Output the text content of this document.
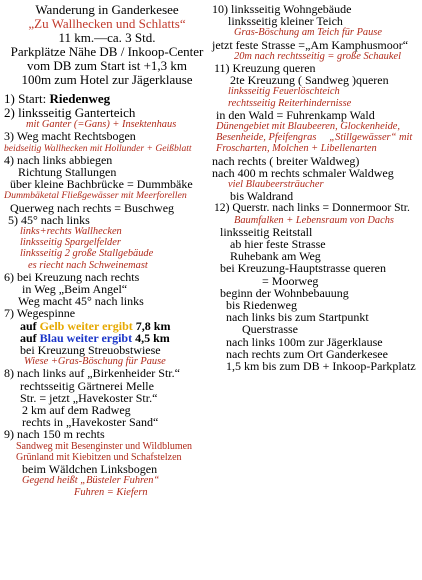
Wanderung in Ganderkesee
„Zu Wallhecken und Schlatts“
11 km.—ca. 3 Std.
Parkplätze Nähe DB / Inkoop-Center
vom DB zum Start ist +1,3 km
100m zum Hotel zur Jägerklause
1) Start: Riedenweg
2) linksseitig Ganterteich
mit Ganter (=Gans) + Insektenhaus
3) Weg macht Rechtsbogen
beidseitig Wallhecken mit Hollunder + Geißblatt
4) nach links abbiegen
Richtung Stallungen
über kleine Bachbrücke = Dummbäke
Dummbäketal Fließgewässer mit Meerforellen
Querweg nach rechts = Buschweg
5) 45° nach links
links+rechts Wallhecken
linksseitig Spargelfelder
linksseitig 2 große Stallgebäude
es riecht nach Schweinemast
6) bei Kreuzung nach rechts
in Weg „Beim Angel“
Weg macht 45° nach links
7) Wegespinne
auf Gelb weiter ergibt 7,8 km
auf Blau weiter ergibt 4,5 km
bei Kreuzung Streuobstwiese
Wiese +Gras-Böschung für Pause
8) nach links auf „Birkenheider Str.“
rechtsseitig Gärtnerei Melle
Str. = jetzt „Havekoster Str.“
2 km auf dem Radweg
rechts in „Havekoster Sand“
9) nach 150 m rechts
Sandweg mit Besenginster und Wildblumen
Grünland mit Kiebitzen und Schafstelzen
beim Wäldchen Linksbogen
Gegend heißt „Büsteler Fuhren“
Fuhren = Kiefern
10) linksseitig Wohngebäude
linksseitig kleiner Teich
Gras-Böschung am Teich für Pause
jetzt feste Strasse =„Am Kamphusmoor“
20m nach rechtsseitig = große Schaukel
11) Kreuzung queren
2te Kreuzung ( Sandweg )queren
linksseitig Feuerlöschteich
rechtsseitig Reiterhindernisse
in den Wald = Fuhrenkamp Wald
Dünengebiet mit Blaubeeren, Glockenheide,
Besenheide, Pfeifengras     „Stillgewässer“ mit
Froscharten, Molchen + Libellenarten
nach rechts ( breiter Waldweg)
nach 400 m rechts schmaler Waldweg
viel Blaubeersträucher
bis Waldrand
12) Querstr. nach links = Donnermoor Str.
Baumfalken + Lebensraum von Dachs
linksseitig Reitstall
ab hier feste Strasse
Ruhebank am Weg
bei Kreuzung-Hauptstrasse queren
= Moorweg
beginn der Wohnbebauung
bis Riedenweg
nach links bis zum Startpunkt
Querstrasse
nach links 100m zur Jägerklause
nach rechts zum Ort Ganderkesee
1,5 km bis zum DB + Inkoop-Parkplatz
